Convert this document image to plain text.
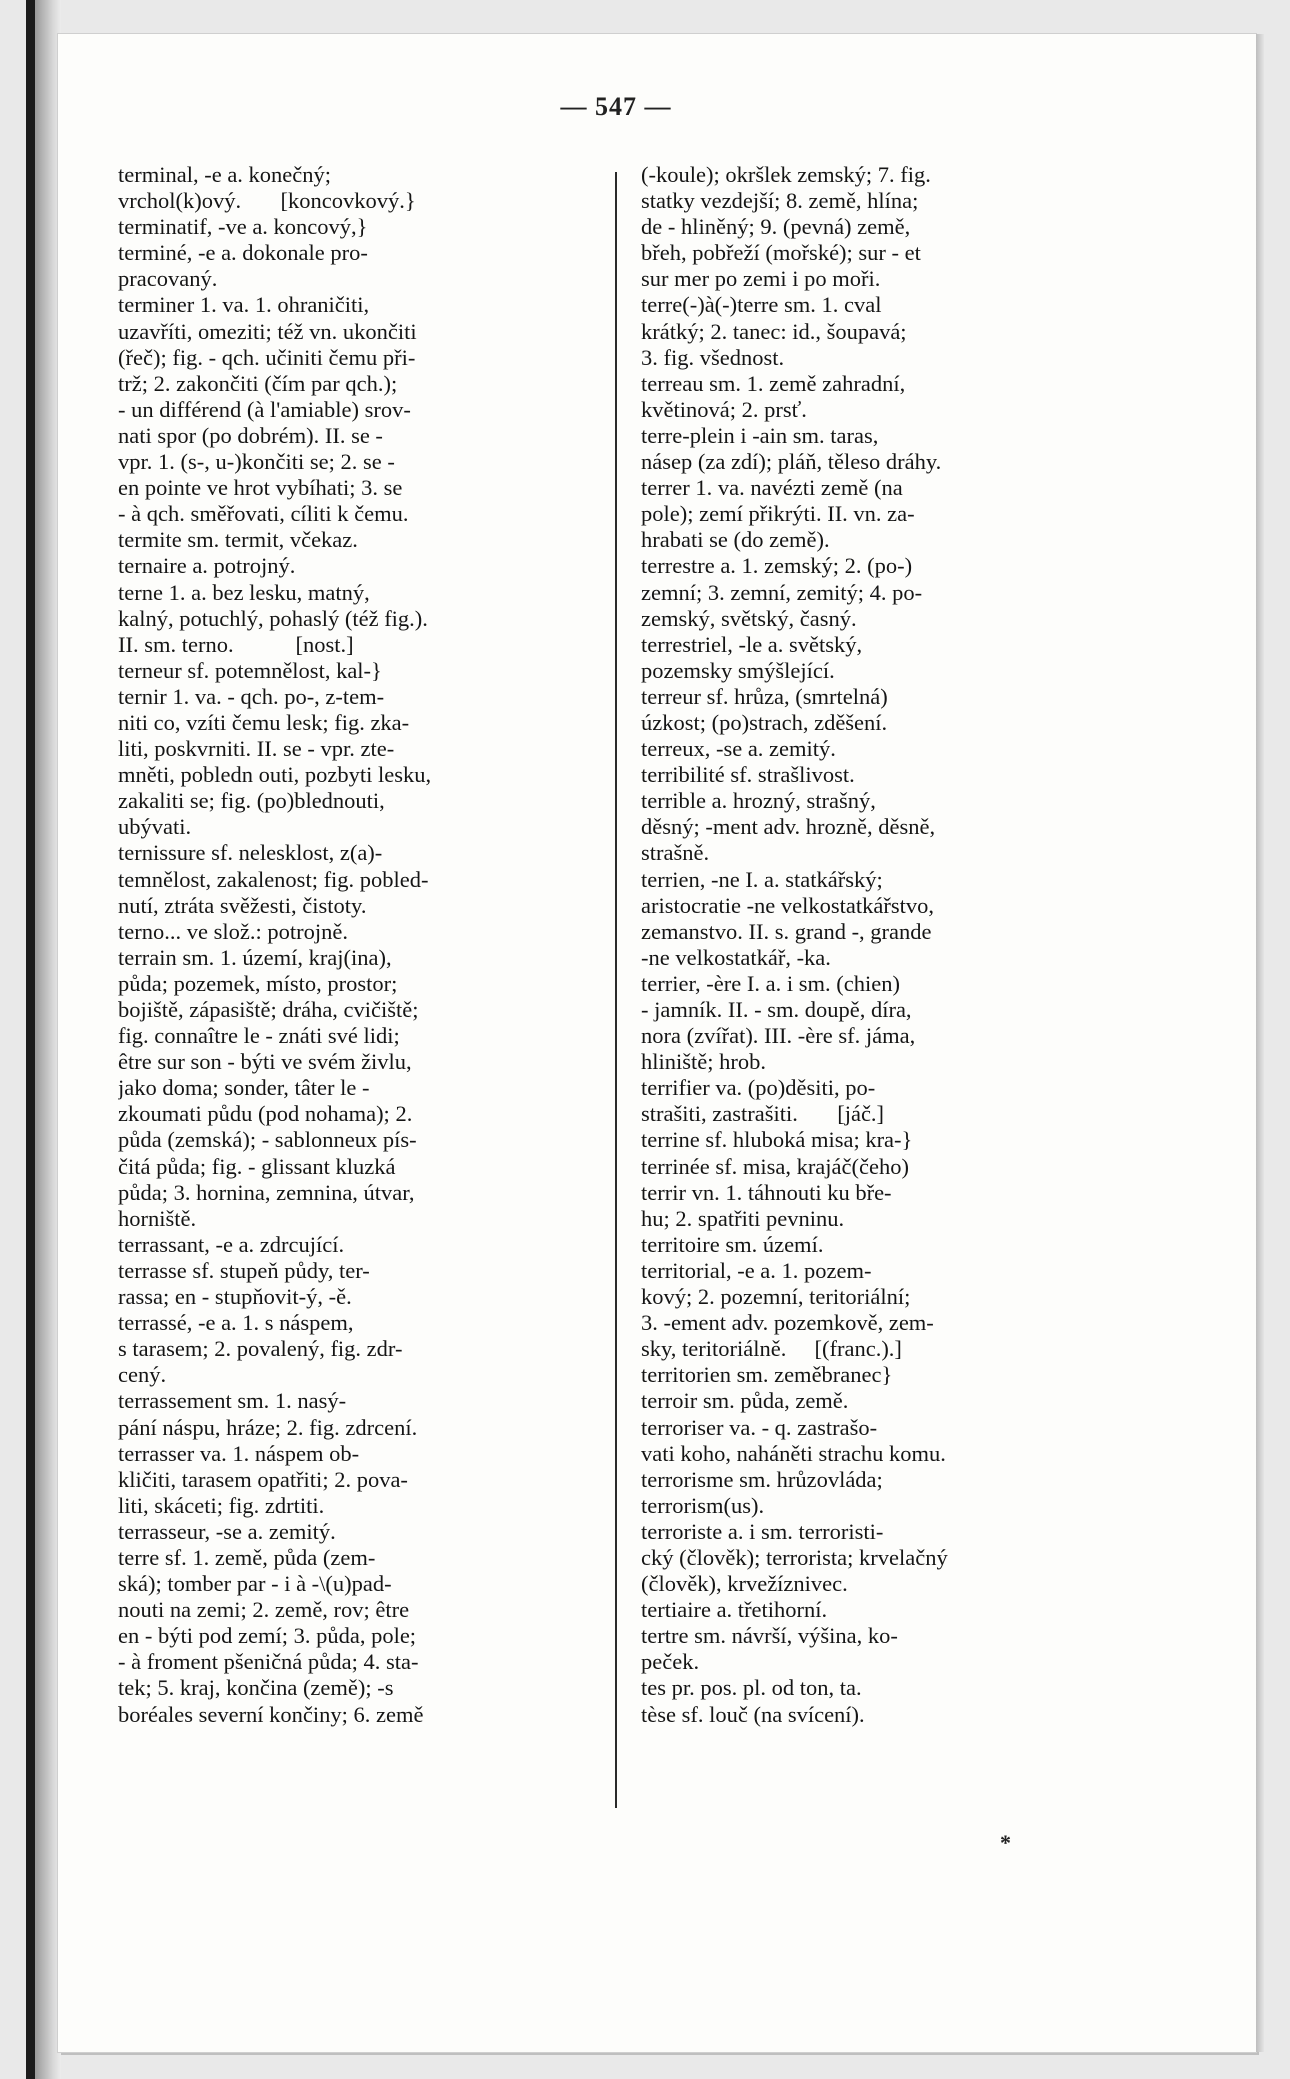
— 547 —
terminal, -e a. konečný;
vrchol(k)ový.       [koncovkový.}
terminatif, -ve a. koncový,}
terminé, -e a. dokonale pro-
pracovaný.
terminer 1. va. 1. ohraničiti,
uzavříti, omeziti; též vn. ukončiti
(řeč); fig. - qch. učiniti čemu při-
trž; 2. zakončiti (čím par qch.);
- un différend (à l'amiable) srov-
nati spor (po dobrém). II. se -
vpr. 1. (s-, u-)končiti se; 2. se -
en pointe ve hrot vybíhati; 3. se
- à qch. směřovati, cíliti k čemu.
termite sm. termit, včekaz.
ternaire a. potrojný.
terne 1. a. bez lesku, matný,
kalný, potuchlý, pohaslý (též fig.).
II. sm. terno.           [nost.]
terneur sf. potemnělost, kal-}
ternir 1. va. - qch. po-, z-tem-
niti co, vzíti čemu lesk; fig. zka-
liti, poskvrniti. II. se - vpr. ztе-
mněti, pobledn outi, pozbyti lesku,
zakaliti se; fig. (po)blednouti,
ubývati.
ternissure sf. nelesklost, z(a)-
temnělost, zakalenost; fig. pobled-
nutí, ztráta svěžesti, čistoty.
terno... ve slož.: potrojně.
terrain sm. 1. území, kraj(ina),
půda; pozemek, místo, prostor;
bojiště, zápasiště; dráha, cvičiště;
fig. connaître le - znáti své lidi;
être sur son - býti ve svém živlu,
jako doma; sonder, tâter le -
zkoumati půdu (pod nohama); 2.
půda (zemská); - sablonneux pís-
čitá půda; fig. - glissant kluzká
půda; 3. hornina, zemnina, útvar,
horniště.
terrassant, -e a. zdrcující.
terrasse sf. stupeň půdy, ter-
rassa; en - stupňovit-ý, -ě.
terrassé, -e a. 1. s náspem,
s tarasem; 2. povalený, fig. zdr-
cený.
terrassement sm. 1. nasý-
pání náspu, hráze; 2. fig. zdrcení.
terrasser va. 1. náspem ob-
kličiti, tarasem opatřiti; 2. pova-
liti, skáceti; fig. zdrtiti.
terrasseur, -se a. zemitý.
terre sf. 1. země, půda (zem-
ská); tomber par - i à -\(u)pad-
nouti na zemi; 2. země, rov; être
en - býti pod zemí; 3. půda, pole;
- à froment pšeničná půda; 4. sta-
tek; 5. kraj, končina (země); -s
boréales severní končiny; 6. země
(-koule); okršlek zemský; 7. fig.
statky vezdejší; 8. země, hlína;
de - hliněný; 9. (pevná) země,
břeh, pobřeží (mořské); sur - et
sur mer po zemi i po moři.
terre(-)à(-)terre sm. 1. cval
krátký; 2. tanec: id., šoupavá;
3. fig. všednost.
terreau sm. 1. země zahradní,
květinová; 2. prsť.
terre-plein i -ain sm. taras,
násep (za zdí); pláň, těleso dráhy.
terrer 1. va. navézti země (na
pole); zemí přikrýti. II. vn. za-
hrabati se (do země).
terrestre a. 1. zemský; 2. (po-)
zemní; 3. zemní, zemitý; 4. po-
zemský, světský, časný.
terrestriel, -le a. světský,
pozemsky smýšlející.
terreur sf. hrůza, (smrtelná)
úzkost; (po)strach, zděšení.
terreux, -se a. zemitý.
terribilité sf. strašlivost.
terrible a. hrozný, strašný,
děsný; -ment adv. hrozně, děsně,
strašně.
terrien, -ne I. a. statkářský;
aristocratie -ne velkostatkářstvo,
zemanstvo. II. s. grand -, grande
-ne velkostatkář, -ka.
terrier, -ère I. a. i sm. (chien)
- jamník. II. - sm. doupě, díra,
nora (zvířat). III. -ère sf. jáma,
hliniště; hrob.
terrifier va. (po)děsiti, po-
strašiti, zastrašiti.       [jáč.]
terrine sf. hluboká misa; kra-}
terrinée sf. misa, krajáč(čeho)
terrir vn. 1. táhnouti ku bře-
hu; 2. spatřiti pevninu.
territoire sm. území.
territorial, -e a. 1. pozem-
kový; 2. pozemní, teritoriální;
3. -ement adv. pozemkově, zem-
sky, teritoriálně.     [(franc.).]
territorien sm. zeměbranec}
terroir sm. půda, země.
terroriser va. - q. zastrašo-
vati koho, naháněti strachu komu.
terrorisme sm. hrůzovláda;
terrorism(us).
terroriste a. i sm. terroristi-
cký (člověk); terrorista; krvelačný
(člověk), krvežíznivec.
tertiaire a. třetihorní.
tertre sm. návrší, výšina, ko-
peček.
tes pr. pos. pl. od ton, ta.
tèse sf. louč (na svícení).
*
